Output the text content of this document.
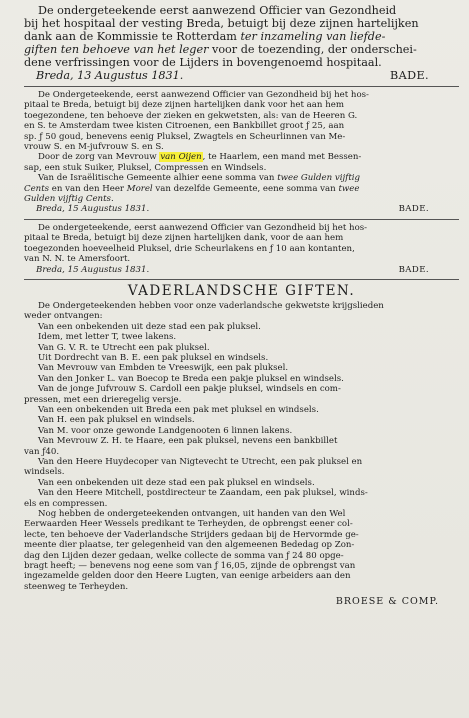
De ondergeteekende eerst aanwezend Officier van Gezondheid

bij het hospitaal der vesting Breda, betuigt bij deze zijnen hartelijken

dank aan de Kommissie te Rotterdam ter inzameling van liefde-

giften ten behoeve van het leger voor de toezending, der onderschei-

dene verfrissingen voor de Lijders in bovengenoemd hospitaal.

Breda, 13 Augustus 1831.	BADE.

De Ondergeteekende, eerst aanwezend Officier van Gezondheid bij het hos-

pitaal te Breda, betuigt bij deze zijnen hartelijken dank voor het aan hem

toegezondene, ten behoeve der zieken en gekwetsten, als: van de Heeren G.

en S. te Amsterdam twee kisten Citroenen, een Bankbillet groot ƒ 25, aan

sp. ƒ 50 goud, benevens eenig Pluksel, Zwagtels en Scheurlinnen van Me-

vrouw S. en M-jufvrouw S. en S.

Door de zorg van Mevrouw van Oijen, te Haarlem, een mand met Bessen-

sap, een stuk Suiker, Pluksel, Compressen en Windsels.

Van de Israëlitische Gemeente alhier eene somma van twee Gulden vijftig

Cents en van den Heer Morel van dezelfde Gemeente, eene somma van twee

Gulden vijftig Cents.

Breda, 15 Augustus 1831.	BADE.

De ondergeteekende, eerst aanwezend Officier van Gezondheid bij het hos-

pitaal te Breda, betuigt bij deze zijnen hartelijken dank, voor de aan hem

toegezonden hoeveelheid Pluksel, drie Scheurlakens en ƒ 10 aan kontanten,

van N. N. te Amersfoort.

Breda, 15 Augustus 1831.	BADE.
VADERLANDSCHE GIFTEN.

De Ondergeteekenden hebben voor onze vaderlandsche gekwetste krijgslieden

weder ontvangen:

Van een onbekenden uit deze stad een pak pluksel.

Idem, met letter T, twee lakens.

Van G. V. R. te Utrecht een pak pluksel.

Uit Dordrecht van B. E. een pak pluksel en windsels.

Van Mevrouw van Embden te Vreeswijk, een pak pluksel.

Van den Jonker L. van Boecop te Breda een pakje pluksel en windsels.

Van de jonge Jufvrouw S. Cardoll een pakje pluksel, windsels en com-

pressen, met een drieregelig versje.

Van een onbekenden uit Breda een pak met pluksel en windsels.

Van H. een pak pluksel en windsels.

Van M. voor onze gewonde Landgenooten 6 linnen lakens.

Van Mevrouw Z. H. te Haare, een pak pluksel, nevens een bankbillet

van ƒ40.

Van den Heere Huydecoper van Nigtevecht te Utrecht, een pak pluksel en

windsels.

Van een onbekenden uit deze stad een pak pluksel en windsels.

Van den Heere Mitchell, postdirecteur te Zaandam, een pak pluksel, winds-

els en compressen.

Nog hebben de ondergeteekenden ontvangen, uit handen van den Wel

Eerwaarden Heer Wessels predikant te Terheyden, de opbrengst eener col-

lecte, ten behoeve der Vaderlandsche Strijders gedaan bij de Hervormde ge-

meente dier plaatse, ter gelegenheid van den algemeenen Bededag op Zon-

dag den Lijden dezer gedaan, welke collecte de somma van ƒ 24 80 opge-

bragt heeft; — benevens nog eene som van ƒ 16,05, zijnde de opbrengst van

ingezamelde gelden door den Heere Lugten, van eenige arbeiders aan den

steenweg te Terheyden.

BROESE & COMP.
